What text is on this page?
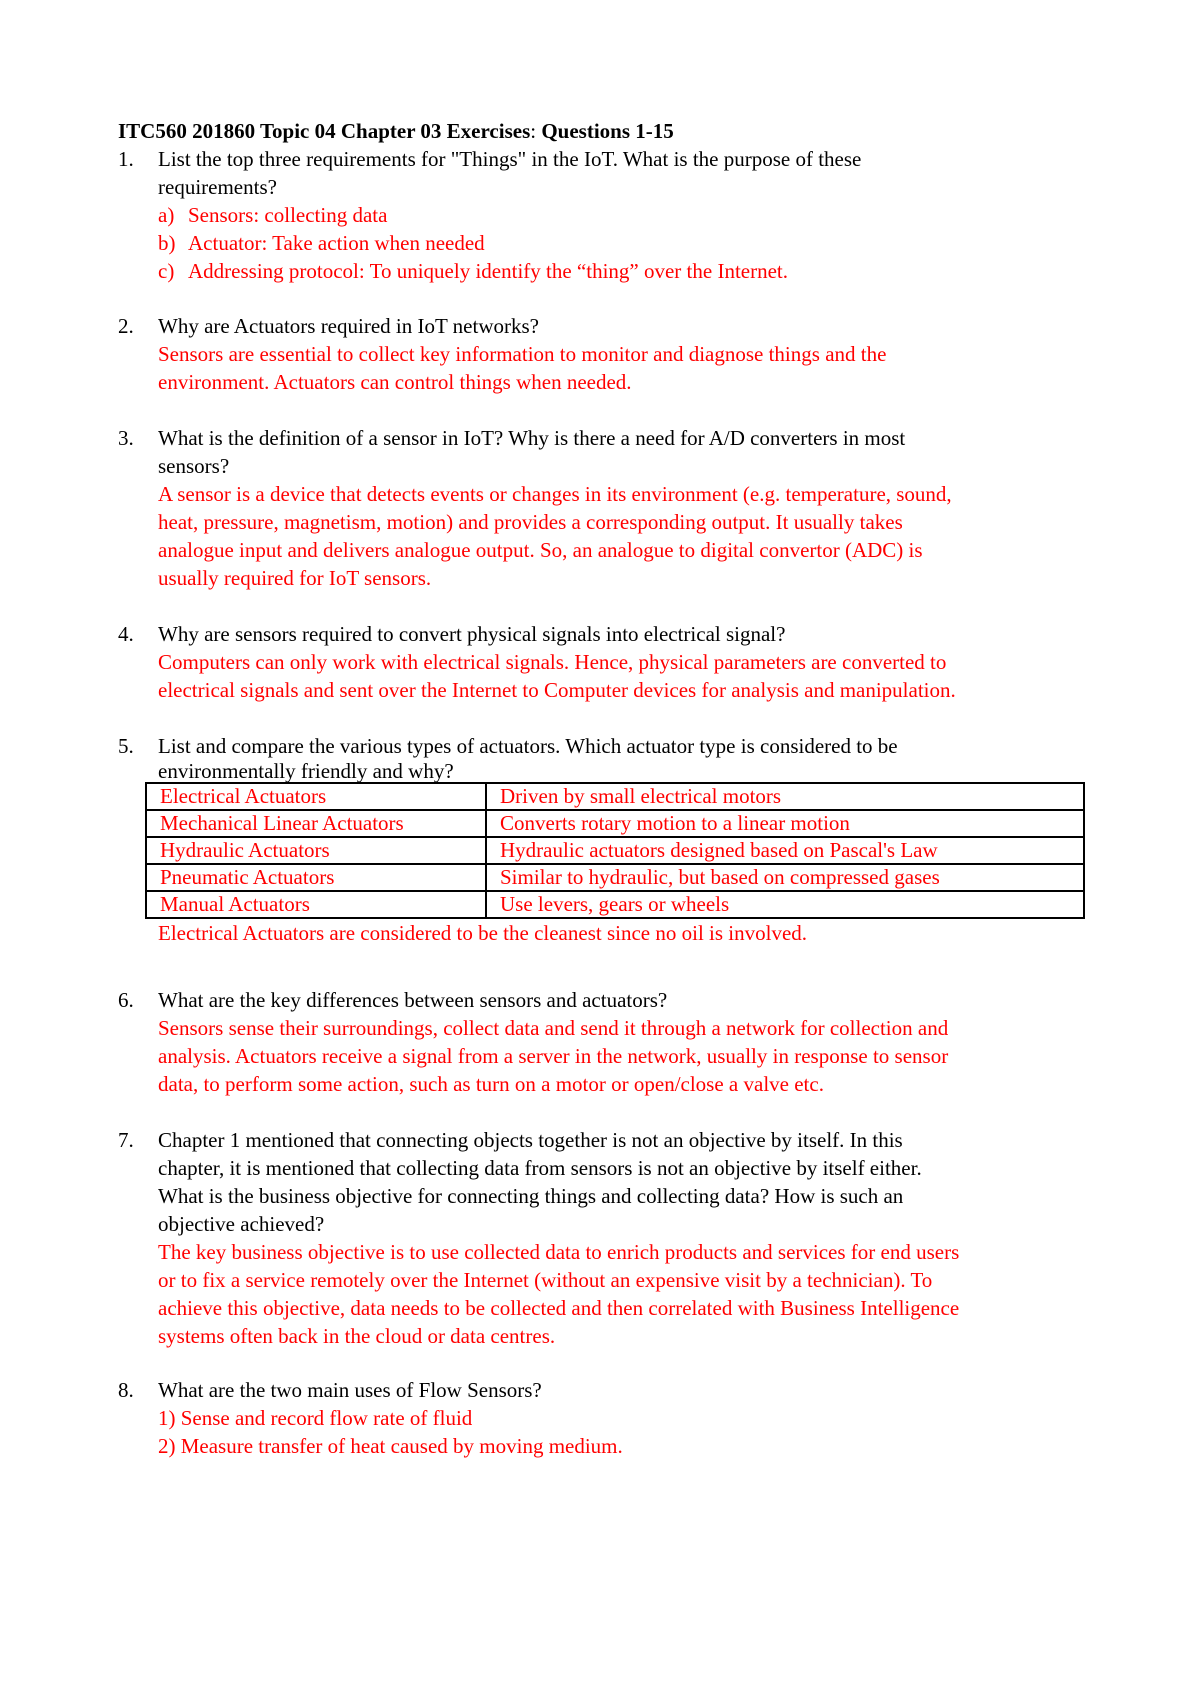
ITC560 201860 Topic 04 Chapter 03 Exercises: Questions 1-15
1. List the top three requirements for "Things" in the IoT. What is the purpose of these
requirements?
a) Sensors: collecting data
b) Actuator: Take action when needed
c) Addressing protocol: To uniquely identify the “thing” over the Internet.
2. Why are Actuators required in IoT networks?
Sensors are essential to collect key information to monitor and diagnose things and the
environment. Actuators can control things when needed.
3. What is the definition of a sensor in IoT? Why is there a need for A/D converters in most
sensors?
A sensor is a device that detects events or changes in its environment (e.g. temperature, sound,
heat, pressure, magnetism, motion) and provides a corresponding output. It usually takes
analogue input and delivers analogue output. So, an analogue to digital convertor (ADC) is
usually required for IoT sensors.
4. Why are sensors required to convert physical signals into electrical signal?
Computers can only work with electrical signals. Hence, physical parameters are converted to
electrical signals and sent over the Internet to Computer devices for analysis and manipulation.
5. List and compare the various types of actuators. Which actuator type is considered to be
environmentally friendly and why?
Electrical Actuators	Driven by small electrical motors
Mechanical Linear Actuators	Converts rotary motion to a linear motion
Hydraulic Actuators	Hydraulic actuators designed based on Pascal's Law
Pneumatic Actuators	Similar to hydraulic, but based on compressed gases
Manual Actuators	Use levers, gears or wheels
Electrical Actuators are considered to be the cleanest since no oil is involved.
6. What are the key differences between sensors and actuators?
Sensors sense their surroundings, collect data and send it through a network for collection and
analysis. Actuators receive a signal from a server in the network, usually in response to sensor
data, to perform some action, such as turn on a motor or open/close a valve etc.
7. Chapter 1 mentioned that connecting objects together is not an objective by itself. In this
chapter, it is mentioned that collecting data from sensors is not an objective by itself either.
What is the business objective for connecting things and collecting data? How is such an
objective achieved?
The key business objective is to use collected data to enrich products and services for end users
or to fix a service remotely over the Internet (without an expensive visit by a technician). To
achieve this objective, data needs to be collected and then correlated with Business Intelligence
systems often back in the cloud or data centres.
8. What are the two main uses of Flow Sensors?
1) Sense and record flow rate of fluid
2) Measure transfer of heat caused by moving medium.
